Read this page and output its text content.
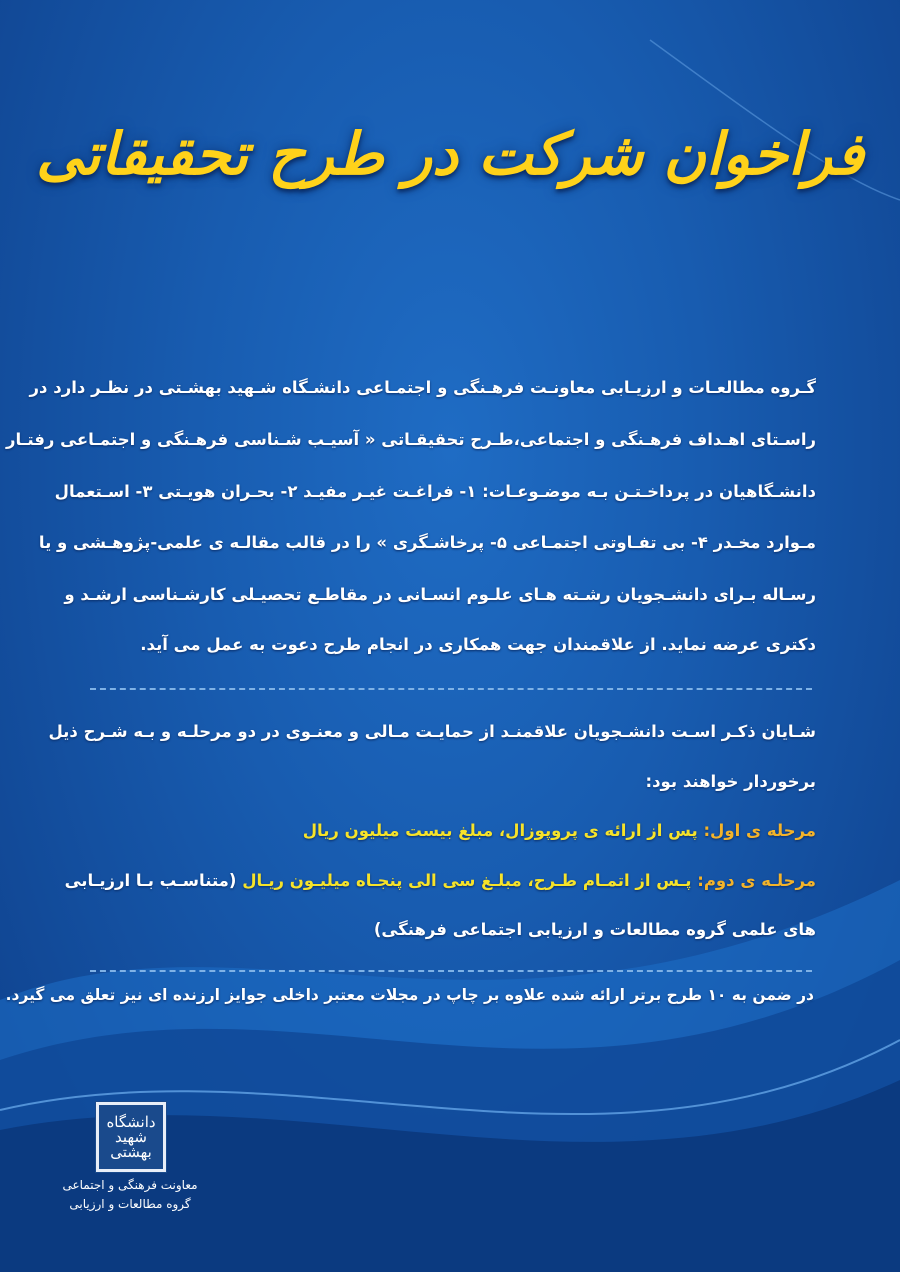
فراخوان شرکت در طرح تحقیقاتی
گـروه مطالعـات و ارزیـابی معاونـت فرهـنگی و اجتمـاعی دانشـگاه شـهید بهشـتی در نظـر دارد در
راسـتای اهـداف فرهـنگی و اجتماعی،طـرح تحقیقـاتی « آسیـب شـناسی فرهـنگی و اجتمـاعی رفتـار
دانشـگاهیان در پرداخـتـن بـه موضـوعـات: ۱- فراغـت غیـر مفیـد ۲- بحـران هویـتی ۳- اسـتعمال
مـوارد مخـدر ۴- بی تفـاوتی اجتمـاعی ۵- پرخاشـگری » را در قالب مقالـه ی علمی-پژوهـشی و یا
رسـاله بـرای دانشـجویان رشـته هـای علـوم انسـانی در مقاطـع تحصیـلی کارشـناسی ارشـد و
دکتری عرضه نماید. از علاقمندان جهت همکاری در انجام طرح دعوت به عمل می آید.
شـایان ذکـر اسـت دانشـجویان علاقمنـد از حمایـت مـالی و معنـوی در دو مرحلـه و بـه شـرح ذیل
برخوردار خواهند بود:
مرحله ی اول: پس از ارائه ی پروپوزال، مبلغ بیست میلیون ریال
مرحلـه ی دوم: پـس از اتمـام طـرح، مبلـغ سی الی پنجـاه میلیـون ریـال (متناسـب بـا ارزیـابی
های علمی گروه مطالعات و ارزیابی اجتماعی فرهنگی)
در ضمن به ۱۰ طرح برتر ارائه شده علاوه بر چاپ در مجلات معتبر داخلی جوایز ارزنده ای نیز تعلق می گیرد.
دانشگاه شهید بهشتی
معاونت فرهنگی و اجتماعی
گروه مطالعات و ارزیابی
